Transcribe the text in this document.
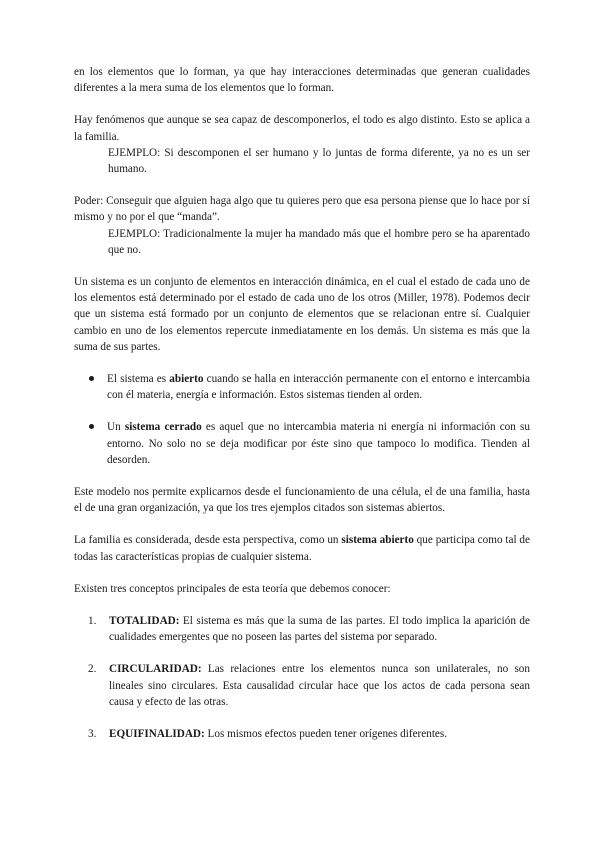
en los elementos que lo forman, ya que hay interacciones determinadas que generan cualidades diferentes a la mera suma de los elementos que lo forman.

Hay fenómenos que aunque se sea capaz de descomponerlos, el todo es algo distinto. Esto se aplica a la familia.

EJEMPLO: Si descomponen el ser humano y lo juntas de forma diferente, ya no es un ser humano.

Poder: Conseguir que alguien haga algo que tu quieres pero que esa persona piense que lo hace por sí mismo y no por el que “manda”.

EJEMPLO: Tradicionalmente la mujer ha mandado más que el hombre pero se ha aparentado que no.

Un sistema es un conjunto de elementos en interacción dinámica, en el cual el estado de cada uno de los elementos está determinado por el estado de cada uno de los otros (Miller, 1978). Podemos decir que un sistema está formado por un conjunto de elementos que se relacionan entre sí. Cualquier cambio en uno de los elementos repercute inmediatamente en los demás. Un sistema es más que la suma de sus partes.

El sistema es abierto cuando se halla en interacción permanente con el entorno e intercambia con él materia, energía e información. Estos sistemas tienden al orden.
Un sistema cerrado es aquel que no intercambia materia ni energía ni información con su entorno. No solo no se deja modificar por éste sino que tampoco lo modifica. Tienden al desorden.

Este modelo nos permite explicarnos desde el funcionamiento de una célula, el de una familia, hasta el de una gran organización, ya que los tres ejemplos citados son sistemas abiertos.

La familia es considerada, desde esta perspectiva, como un sistema abierto que participa como tal de todas las características propias de cualquier sistema.

Existen tres conceptos principales de esta teoría que debemos conocer:

1. TOTALIDAD: El sistema es más que la suma de las partes. El todo implica la aparición de cualidades emergentes que no poseen las partes del sistema por separado.
2. CIRCULARIDAD: Las relaciones entre los elementos nunca son unilaterales, no son lineales sino circulares. Esta causalidad circular hace que los actos de cada persona sean causa y efecto de las otras.
3. EQUIFINALIDAD: Los mismos efectos pueden tener orígenes diferentes.
